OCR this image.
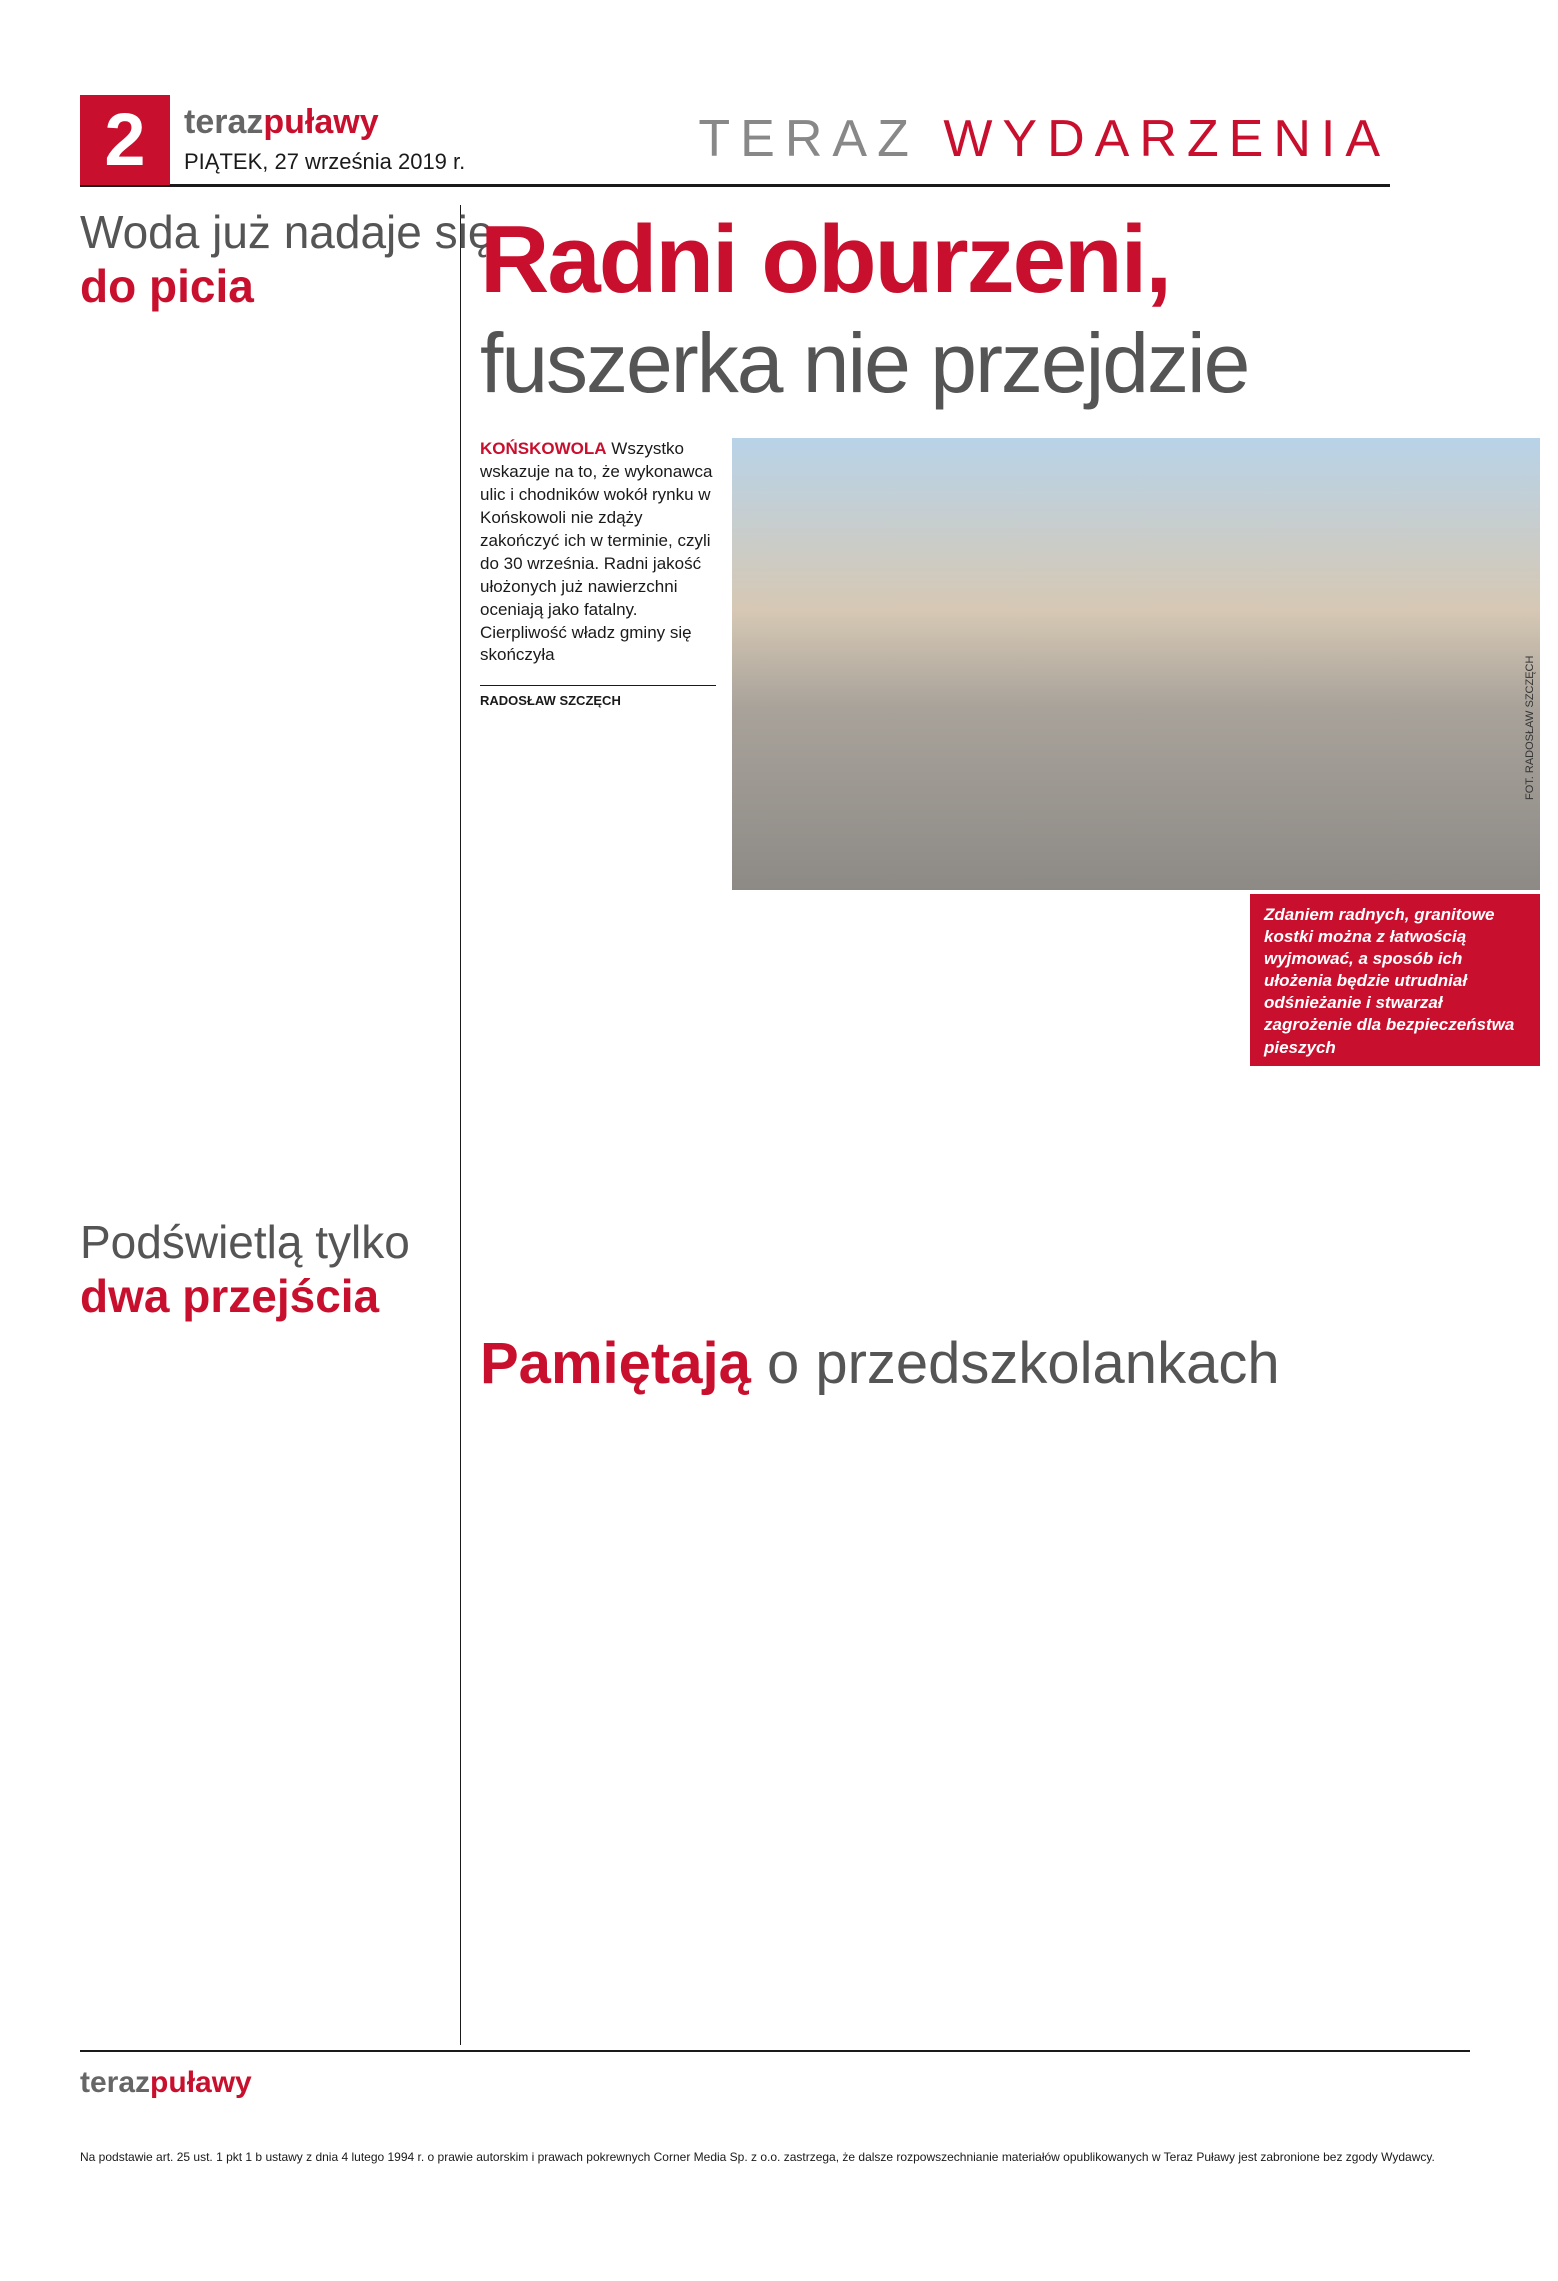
2	terazpuławy
PIĄTEK, 27 września 2019 r.	TERAZ WYDARZENIA
Woda już nadaje się
do picia
Podświetlą tylko
dwa przejścia
Radni oburzeni,
fuszerka nie przejdzie
KOŃSKOWOLA Wszystko wskazuje na to, że wykonawca ulic i chodników wokół rynku w Końskowoli nie zdąży zakończyć ich w terminie, czyli do 30 września. Radni jakość ułożonych już nawierzchni oceniają jako fatalny. Cierpliwość władz gminy się skończyła
RADOSŁAW SZCZĘCH	FOT. RADOSŁAW SZCZĘCH
Zdaniem radnych, granitowe kostki można z łatwością wyjmować, a sposób ich ułożenia będzie utrudniał odśnieżanie i stwarzał zagrożenie dla bezpieczeństwa pieszych
Pamiętają o przedszkolankach
terazpuławy
Na podstawie art. 25 ust. 1 pkt 1 b ustawy z dnia 4 lutego 1994 r. o prawie autorskim i prawach pokrewnych Corner Media Sp. z o.o. zastrzega, że dalsze rozpowszechnianie materiałów opublikowanych w Teraz Puławy jest zabronione bez zgody Wydawcy.
